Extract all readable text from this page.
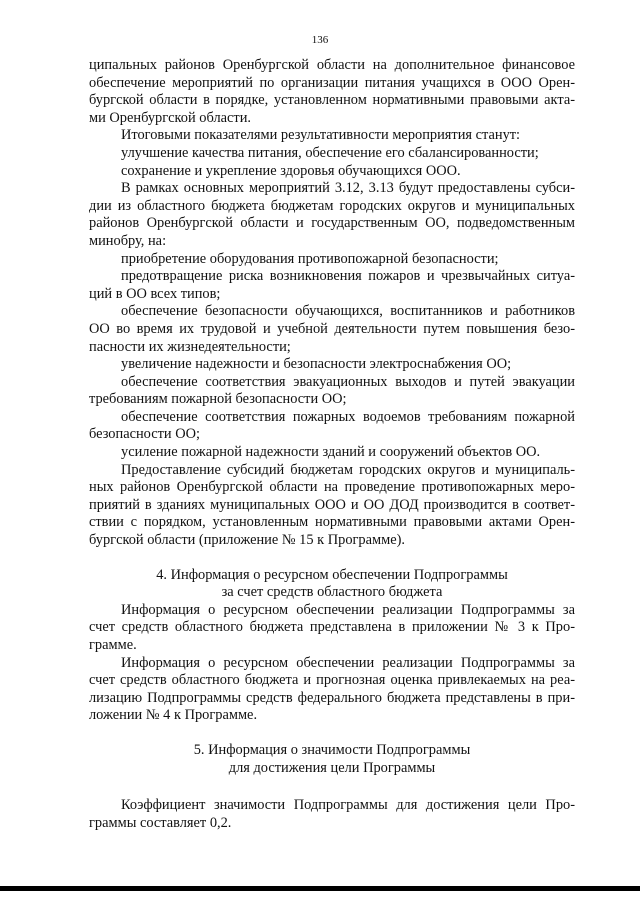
136

ципальных районов Оренбургской области на дополнительное финансовое
обеспечение мероприятий по организации питания учащихся в ООО Орен-
бургской области в порядке, установленном нормативными правовыми акта-
ми Оренбургской области.

Итоговыми показателями результативности мероприятия станут:

улучшение качества питания, обеспечение его сбалансированности;

сохранение и укрепление здоровья обучающихся ООО.

В рамках основных мероприятий 3.12, 3.13 будут предоставлены субси-
дии из областного бюджета бюджетам городских округов и муниципальных
районов Оренбургской области и государственным ОО, подведомственным
минобру, на:

приобретение оборудования противопожарной безопасности;

предотвращение риска возникновения пожаров и чрезвычайных ситуа-
ций в ОО всех типов;

обеспечение безопасности обучающихся, воспитанников и работников
ОО во время их трудовой и учебной деятельности путем повышения безо-
пасности их жизнедеятельности;

увеличение надежности и безопасности электроснабжения ОО;

обеспечение соответствия эвакуационных выходов и путей эвакуации
требованиям пожарной безопасности ОО;

обеспечение соответствия пожарных водоемов требованиям пожарной
безопасности ОО;

усиление пожарной надежности зданий и сооружений объектов ОО.

Предоставление субсидий бюджетам городских округов и муниципаль-
ных районов Оренбургской области на проведение противопожарных меро-
приятий в зданиях муниципальных ООО и ОО ДОД производится в соответ-
ствии с порядком, установленным нормативными правовыми актами Орен-
бургской области (приложение № 15 к Программе).

4. Информация о ресурсном обеспечении Подпрограммы
за счет средств областного бюджета

Информация о ресурсном обеспечении реализации Подпрограммы за
счет средств областного бюджета представлена в приложении № 3 к Про-
грамме.

Информация о ресурсном обеспечении реализации Подпрограммы за
счет средств областного бюджета и прогнозная оценка привлекаемых на реа-
лизацию Подпрограммы средств федерального бюджета представлены в при-
ложении № 4 к Программе.

5. Информация о значимости Подпрограммы
для достижения цели Программы

Коэффициент значимости Подпрограммы для достижения цели Про-
граммы составляет 0,2.
